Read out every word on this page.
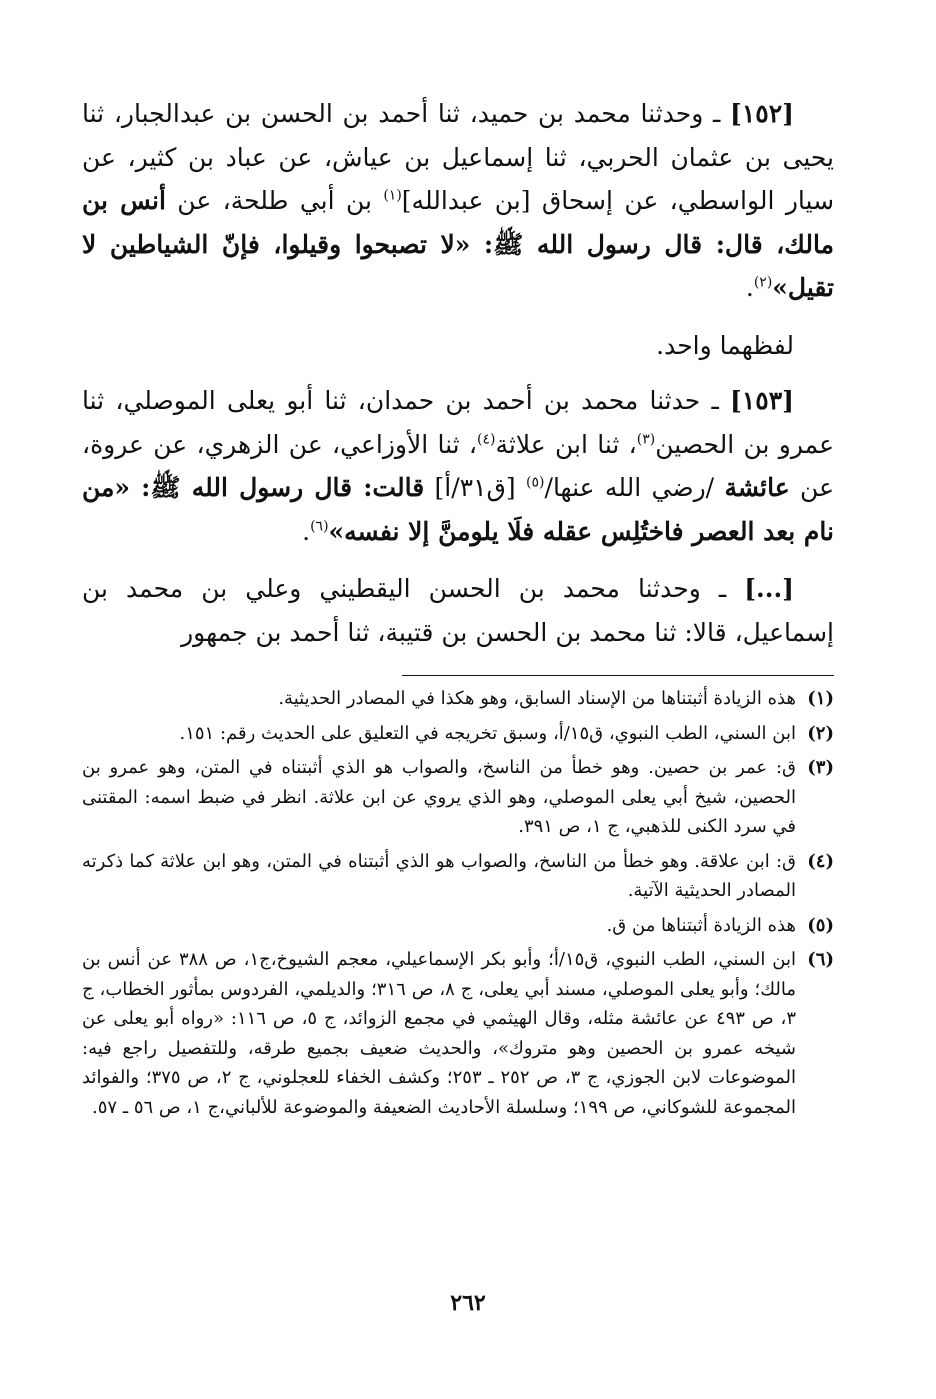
[١٥٢] ـ وحدثنا محمد بن حميد، ثنا أحمد بن الحسن بن عبدالجبار، ثنا يحيى بن عثمان الحربي، ثنا إسماعيل بن عياش، عن عباد بن كثير، عن سيار الواسطي، عن إسحاق [بن عبدالله]$^{(١)}$ بن أبي طلحة، عن أنس بن مالك، قال: قال رسول الله ﷺ: «لا تصبحوا وقيلوا، فإنّ الشياطين لا تقيل»$^{(٢)}$.

لفظهما واحد.

[١٥٣] ـ حدثنا محمد بن أحمد بن حمدان، ثنا أبو يعلى الموصلي، ثنا عمرو بن الحصين$^{(٣)}$، ثنا ابن علاثة$^{(٤)}$، ثنا الأوزاعي، عن الزهري، عن عروة، عن عائشة /رضي الله عنها/$^{(٥)}$ [ق٣١/أ] قالت: قال رسول الله ﷺ: «من نام بعد العصر فاختُلِس عقله فلَا يلومنَّ إلا نفسه»$^{(٦)}$.

[...] ـ وحدثنا محمد بن الحسن اليقطيني وعلي بن محمد بن إسماعيل، قالا: ثنا محمد بن الحسن بن قتيبة، ثنا أحمد بن جمهور

(١)
هذه الزيادة أثبتناها من الإسناد السابق، وهو هكذا في المصادر الحديثية.
(٢)
ابن السني، الطب النبوي، ق١٥/أ، وسبق تخريجه في التعليق على الحديث رقم: ١٥١.
(٣)
ق: عمر بن حصين. وهو خطأ من الناسخ، والصواب هو الذي أثبتناه في المتن، وهو عمرو بن الحصين، شيخ أبي يعلى الموصلي، وهو الذي يروي عن ابن علاثة. انظر في ضبط اسمه: المقتنى في سرد الكنى للذهبي، ج ١، ص ٣٩١.
(٤)
ق: ابن علاقة. وهو خطأ من الناسخ، والصواب هو الذي أثبتناه في المتن، وهو ابن علاثة كما ذكرته المصادر الحديثية الآتية.
(٥)
هذه الزيادة أثبتناها من ق.
(٦)
ابن السني، الطب النبوي، ق١٥/أ؛ وأبو بكر الإسماعيلي، معجم الشيوخ،ج١، ص ٣٨٨ عن أنس بن مالك؛ وأبو يعلى الموصلي، مسند أبي يعلى، ج ٨، ص ٣١٦؛ والديلمي، الفردوس بمأثور الخطاب، ج ٣، ص ٤٩٣ عن عائشة مثله، وقال الهيثمي في مجمع الزوائد، ج ٥، ص ١١٦: «رواه أبو يعلى عن شيخه عمرو بن الحصين وهو متروك»، والحديث ضعيف بجميع طرقه، وللتفصيل راجع فيه: الموضوعات لابن الجوزي، ج ٣، ص ٢٥٢ ـ ٢٥٣؛ وكشف الخفاء للعجلوني، ج ٢، ص ٣٧٥؛ والفوائد المجموعة للشوكاني، ص ١٩٩؛ وسلسلة الأحاديث الضعيفة والموضوعة للألباني،ج ١، ص ٥٦ ـ ٥٧.
٢٦٢
